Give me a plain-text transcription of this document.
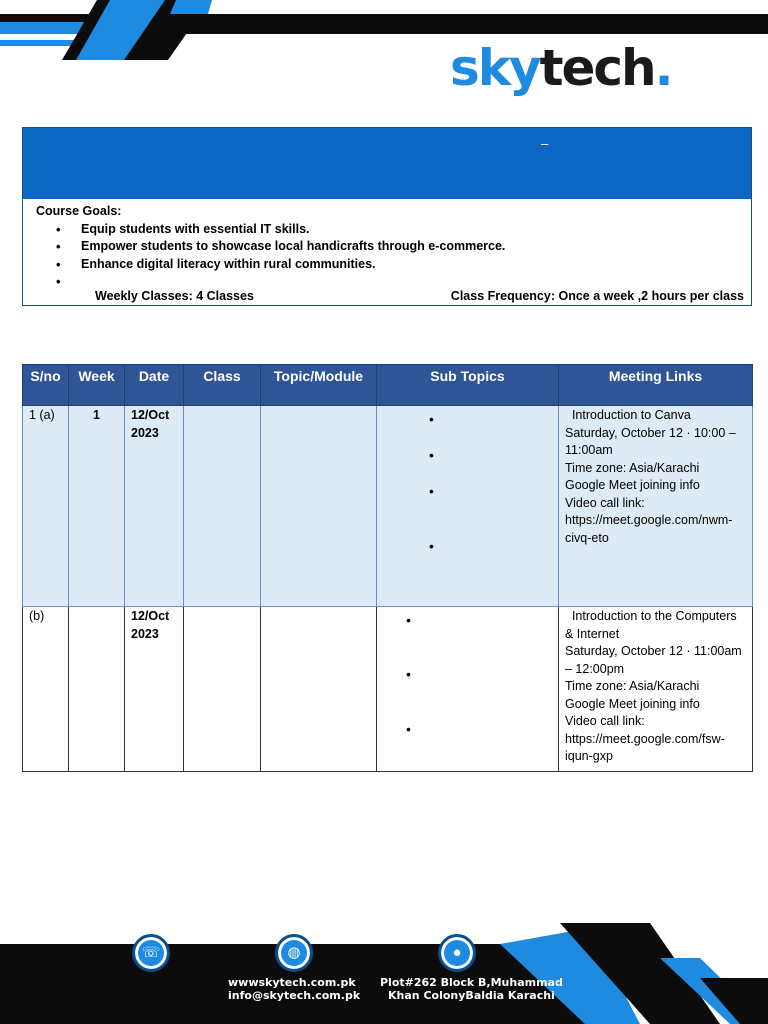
skytech.
–
Course Goals:
• Equip students with essential IT skills.
• Empower students to showcase local handicrafts through e-commerce.
• Enhance digital literacy within rural communities.
•
Weekly Classes: 4 Classes	Class Frequency: Once a week ,2 hours per class
S/no	Week	Date	Class	Topic/Module	Sub Topics	Meeting Links
1 (a)	1	12/Oct 2023			•
•
•
•	Introduction to Canva
Saturday, October 12 · 10:00 – 11:00am
Time zone: Asia/Karachi
Google Meet joining info
Video call link: https://meet.google.com/nwm-civq-eto
(b)		12/Oct 2023			•
•
•	Introduction to the Computers & Internet
Saturday, October 12 · 11:00am – 12:00pm
Time zone: Asia/Karachi
Google Meet joining info
Video call link: https://meet.google.com/fsw-iqun-gxp
☏	◍	●
wwwskytech.com.pk
info@skytech.com.pk
Plot#262 Block B,Muhammad
Khan ColonyBaldia Karachi
